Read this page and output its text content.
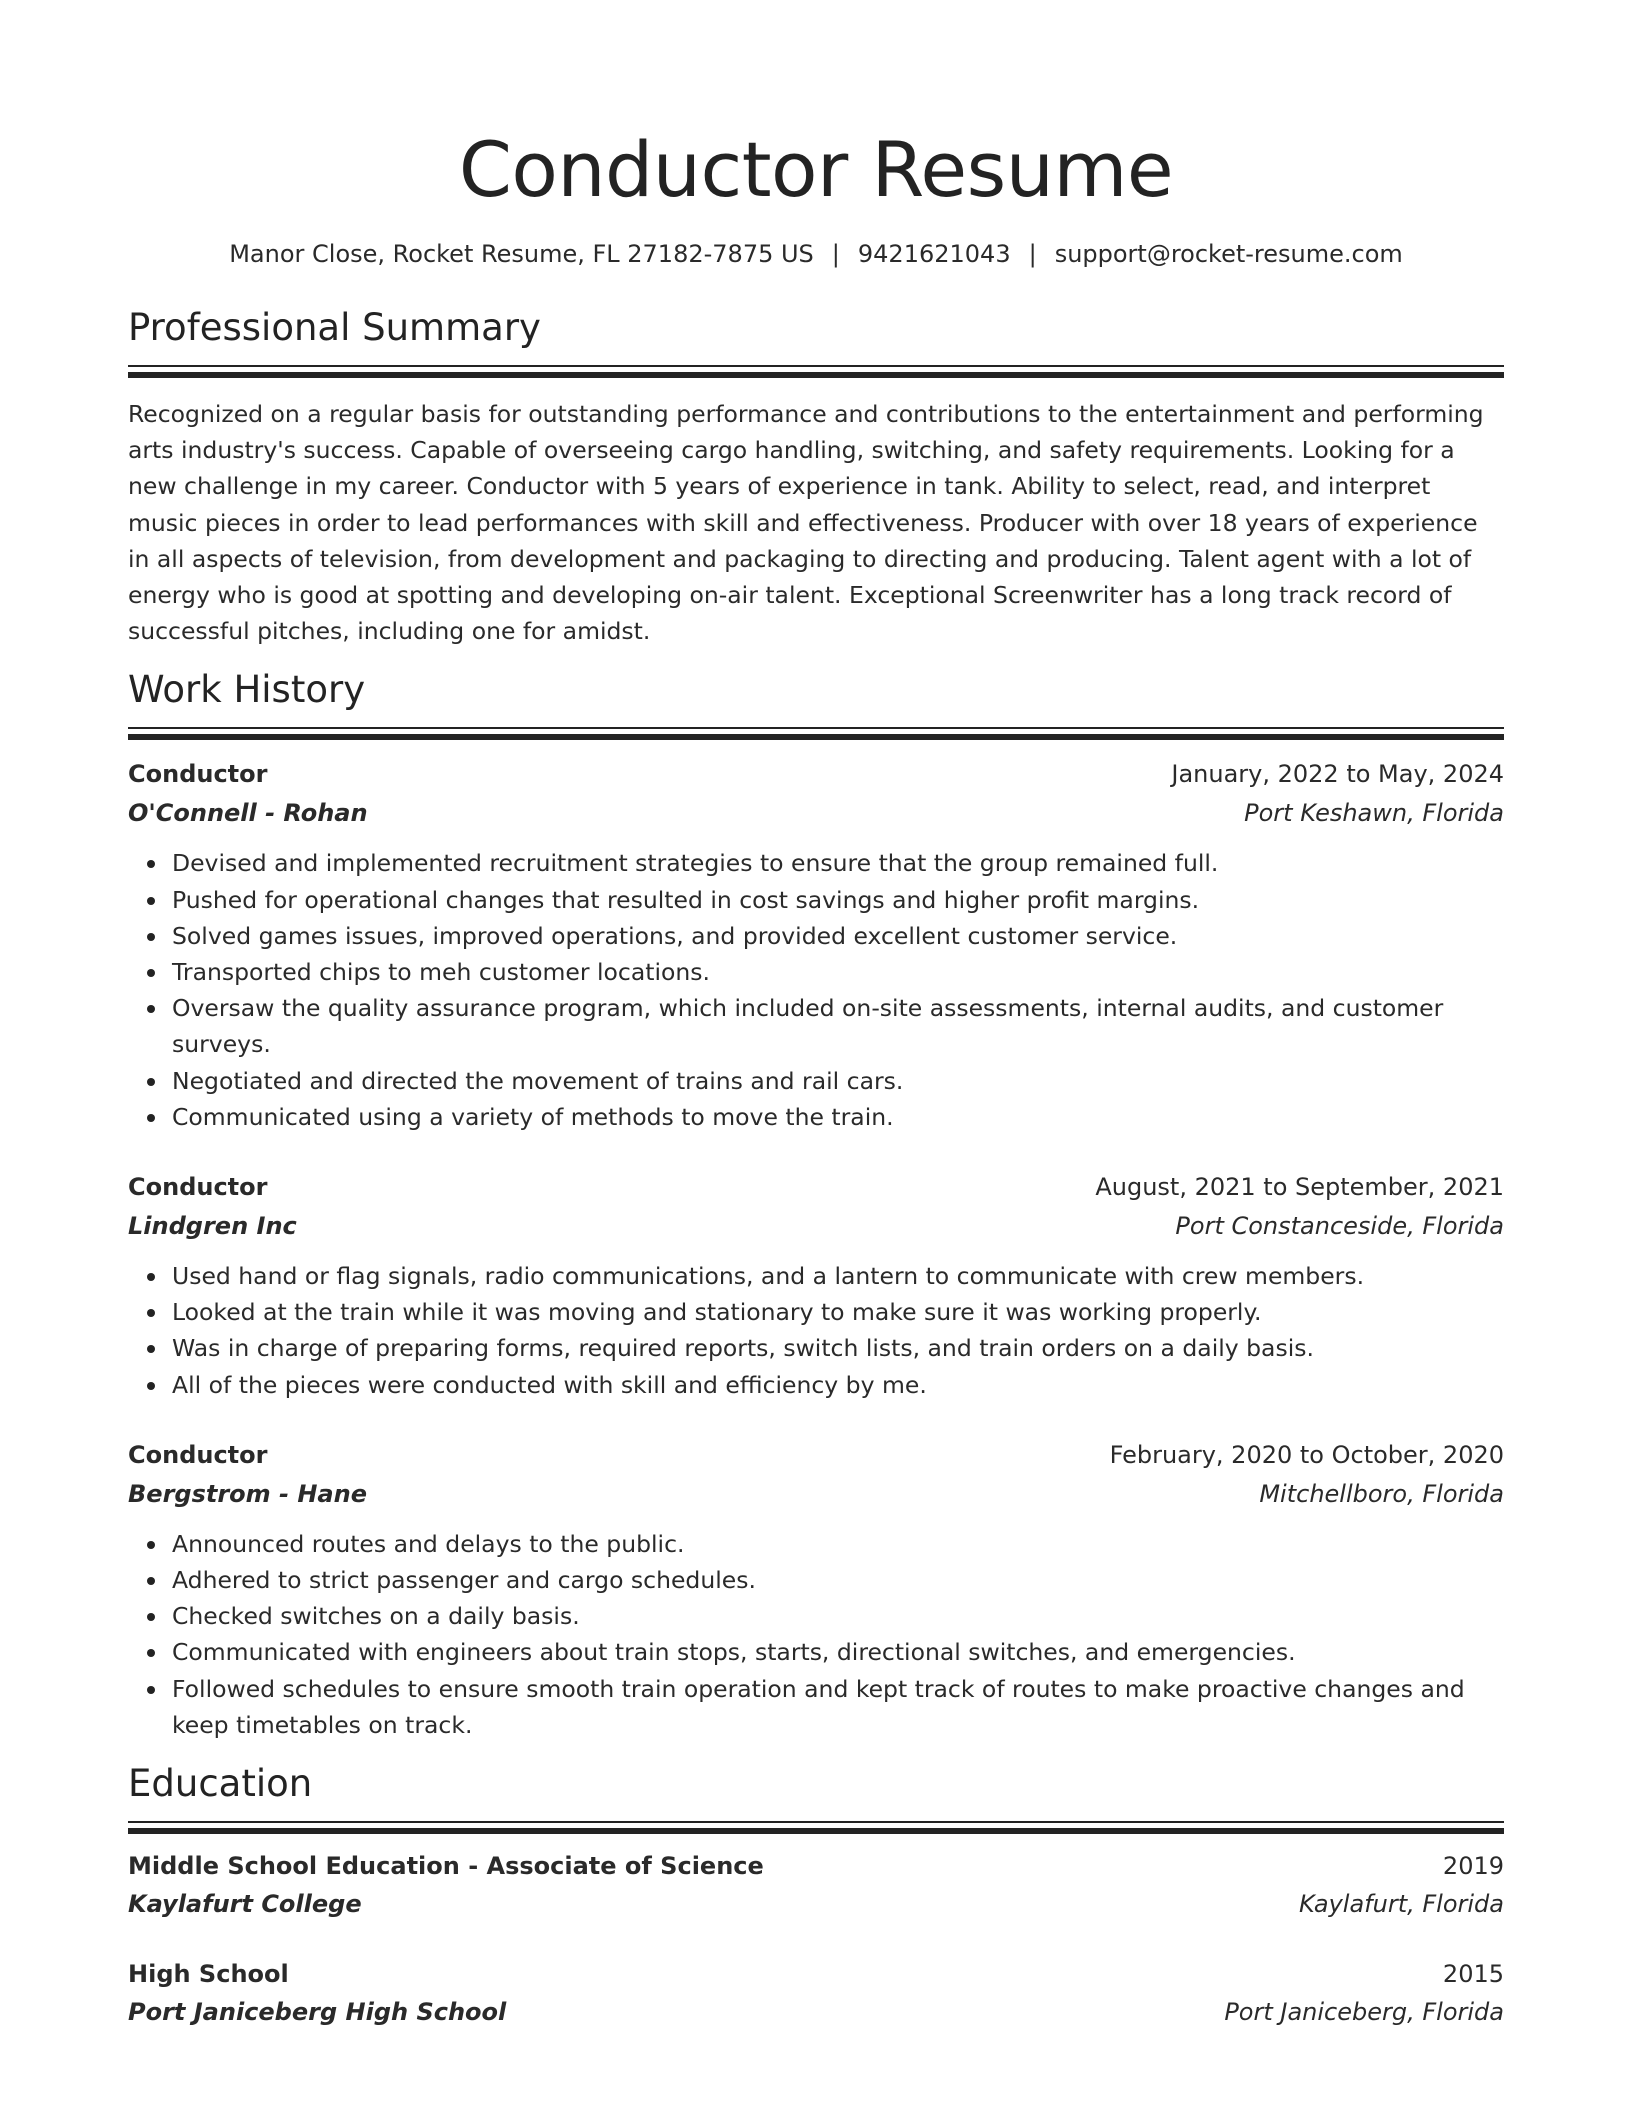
Conductor Resume
Manor Close, Rocket Resume, FL 27182-7875 US | 9421621043 | support@rocket-resume.com
Professional Summary

Recognized on a regular basis for outstanding performance and contributions to the entertainment and performing arts industry's success. Capable of overseeing cargo handling, switching, and safety requirements. Looking for a new challenge in my career. Conductor with 5 years of experience in tank. Ability to select, read, and interpret music pieces in order to lead performances with skill and effectiveness. Producer with over 18 years of experience in all aspects of television, from development and packaging to directing and producing. Talent agent with a lot of energy who is good at spotting and developing on-air talent. Exceptional Screenwriter has a long track record of successful pitches, including one for amidst.

Work History
Conductor	January, 2022 to May, 2024
O'Connell - Rohan	Port Keshawn, Florida
Devised and implemented recruitment strategies to ensure that the group remained full.
Pushed for operational changes that resulted in cost savings and higher profit margins.
Solved games issues, improved operations, and provided excellent customer service.
Transported chips to meh customer locations.
Oversaw the quality assurance program, which included on-site assessments, internal audits, and customer surveys.
Negotiated and directed the movement of trains and rail cars.
Communicated using a variety of methods to move the train.
Conductor	August, 2021 to September, 2021
Lindgren Inc	Port Constanceside, Florida
Used hand or flag signals, radio communications, and a lantern to communicate with crew members.
Looked at the train while it was moving and stationary to make sure it was working properly.
Was in charge of preparing forms, required reports, switch lists, and train orders on a daily basis.
All of the pieces were conducted with skill and efficiency by me.
Conductor	February, 2020 to October, 2020
Bergstrom - Hane	Mitchellboro, Florida
Announced routes and delays to the public.
Adhered to strict passenger and cargo schedules.
Checked switches on a daily basis.
Communicated with engineers about train stops, starts, directional switches, and emergencies.
Followed schedules to ensure smooth train operation and kept track of routes to make proactive changes and keep timetables on track.
Education
Middle School Education - Associate of Science	2019
Kaylafurt College	Kaylafurt, Florida
High School	2015
Port Janiceberg High School	Port Janiceberg, Florida
